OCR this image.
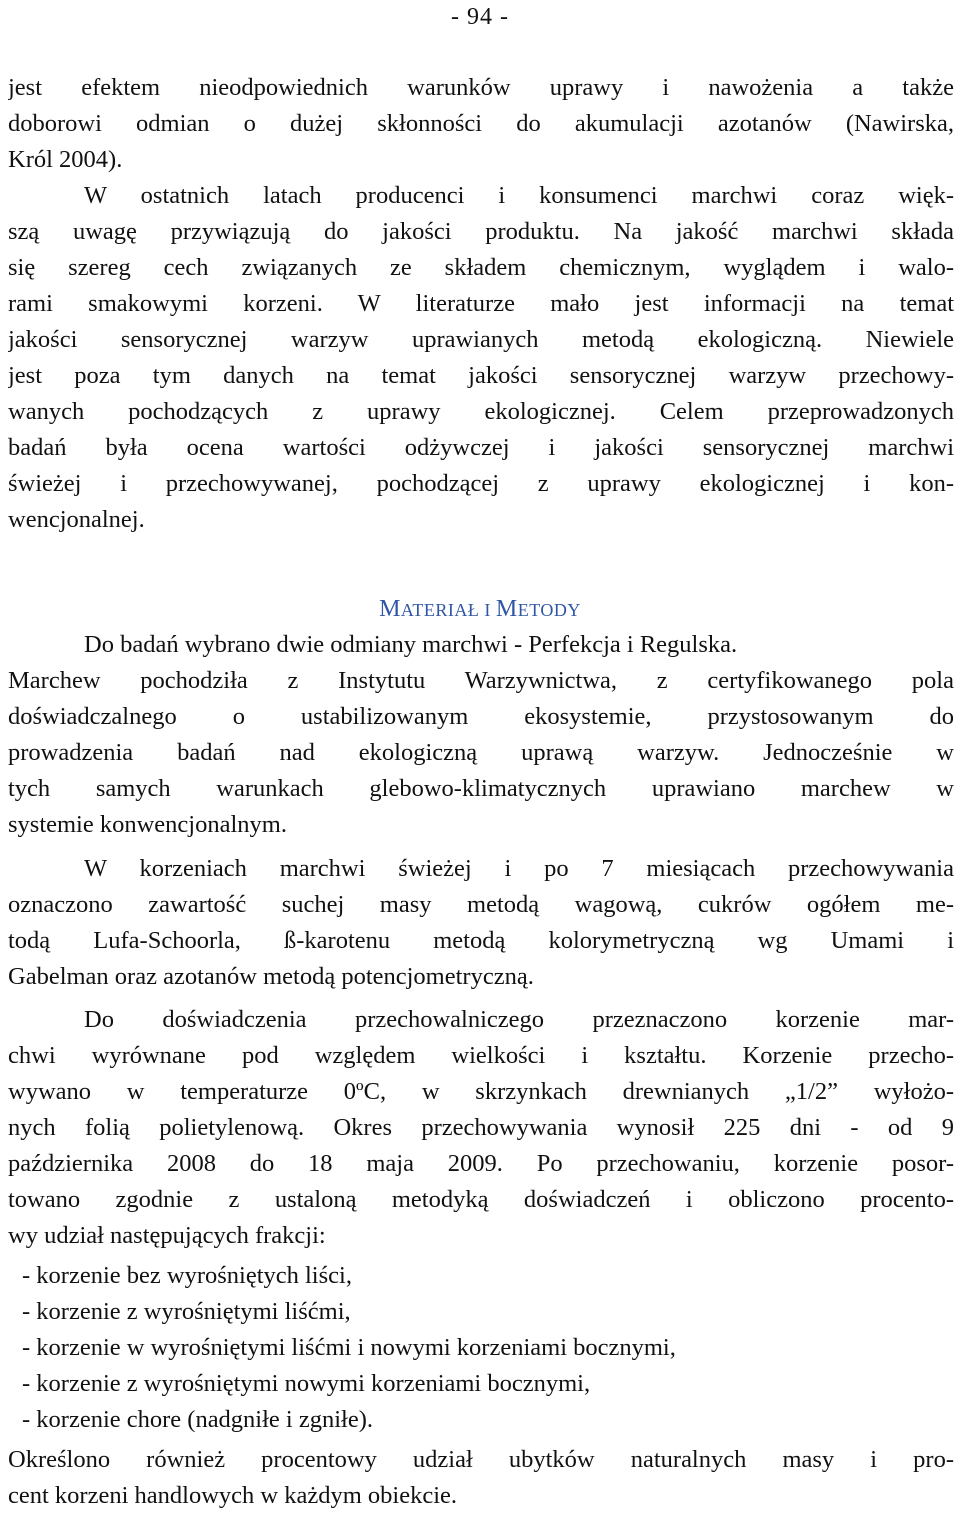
- 94 -
jest efektem nieodpowiednich warunków uprawy i nawożenia a także
doborowi odmian o dużej skłonności do akumulacji azotanów (Nawirska,
Król 2004).
W ostatnich latach producenci i konsumenci marchwi coraz więk-
szą uwagę przywiązują do jakości produktu. Na jakość marchwi składa
się szereg cech związanych ze składem chemicznym, wyglądem i walo-
rami smakowymi korzeni. W literaturze mało jest informacji na temat
jakości sensorycznej warzyw uprawianych metodą ekologiczną. Niewiele
jest poza tym danych na temat jakości sensorycznej warzyw przechowy-
wanych pochodzących z uprawy ekologicznej. Celem przeprowadzonych
badań była ocena wartości odżywczej i jakości sensorycznej marchwi
świeżej i przechowywanej, pochodzącej z uprawy ekologicznej i kon-
wencjonalnej.
MATERIAŁ I METODY
Do badań wybrano dwie odmiany marchwi - Perfekcja i Regulska.
Marchew pochodziła z Instytutu Warzywnictwa, z certyfikowanego pola
doświadczalnego o ustabilizowanym ekosystemie, przystosowanym do
prowadzenia badań nad ekologiczną uprawą warzyw. Jednocześnie w
tych samych warunkach glebowo-klimatycznych uprawiano marchew w
systemie konwencjonalnym.
W korzeniach marchwi świeżej i po 7 miesiącach przechowywania
oznaczono zawartość suchej masy metodą wagową, cukrów ogółem me-
todą Lufa-Schoorla, ß-karotenu metodą kolorymetryczną wg Umami i
Gabelman oraz azotanów metodą potencjometryczną.
Do doświadczenia przechowalniczego przeznaczono korzenie mar-
chwi wyrównane pod względem wielkości i kształtu. Korzenie przecho-
wywano w temperaturze 0ºC, w skrzynkach drewnianych „1/2” wyłożo-
nych folią polietylenową. Okres przechowywania wynosił 225 dni - od 9
października 2008 do 18 maja 2009. Po przechowaniu, korzenie posor-
towano zgodnie z ustaloną metodyką doświadczeń i obliczono procento-
wy udział następujących frakcji:
- korzenie bez wyrośniętych liści,
- korzenie z wyrośniętymi liśćmi,
- korzenie w wyrośniętymi liśćmi i nowymi korzeniami bocznymi,
- korzenie z wyrośniętymi nowymi korzeniami bocznymi,
- korzenie chore (nadgniłe i zgniłe).
Określono również procentowy udział ubytków naturalnych masy i pro-
cent korzeni handlowych w każdym obiekcie.
